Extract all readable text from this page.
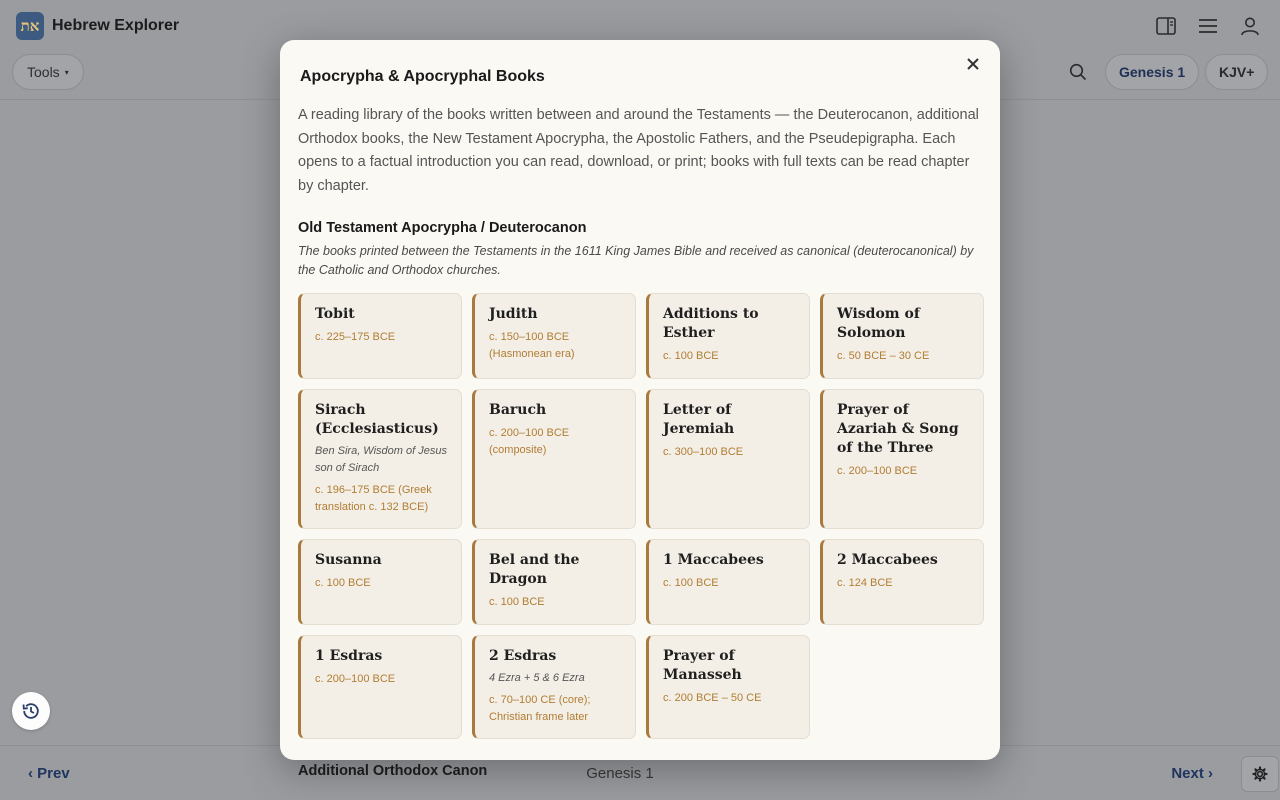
את Hebrew Explorer
Tools ▾	Genesis 1	KJV+
‹ Prev	Genesis 1	Next ›
Apocrypha & Apocryphal Books

A reading library of the books written between and around the Testaments — the Deuterocanon, additional Orthodox books, the New Testament Apocrypha, the Apostolic Fathers, and the Pseudepigrapha. Each opens to a factual introduction you can read, download, or print; books with full texts can be read chapter by chapter.

Old Testament Apocrypha / Deuterocanon
The books printed between the Testaments in the 1611 King James Bible and received as canonical (deuterocanonical) by the Catholic and Orthodox churches.
Tobit
c. 225–175 BCE
Judith
c. 150–100 BCE (Hasmonean era)
Additions to Esther
c. 100 BCE
Wisdom of Solomon
c. 50 BCE – 30 CE
Sirach (Ecclesiasticus)
Ben Sira, Wisdom of Jesus son of Sirach
c. 196–175 BCE (Greek translation c. 132 BCE)
Baruch
c. 200–100 BCE (composite)
Letter of Jeremiah
c. 300–100 BCE
Prayer of Azariah & Song of the Three
c. 200–100 BCE
Susanna
c. 100 BCE
Bel and the Dragon
c. 100 BCE
1 Maccabees
c. 100 BCE
2 Maccabees
c. 124 BCE
1 Esdras
c. 200–100 BCE
2 Esdras
4 Ezra + 5 & 6 Ezra
c. 70–100 CE (core); Christian frame later
Prayer of Manasseh
c. 200 BCE – 50 CE
Additional Orthodox Canon
